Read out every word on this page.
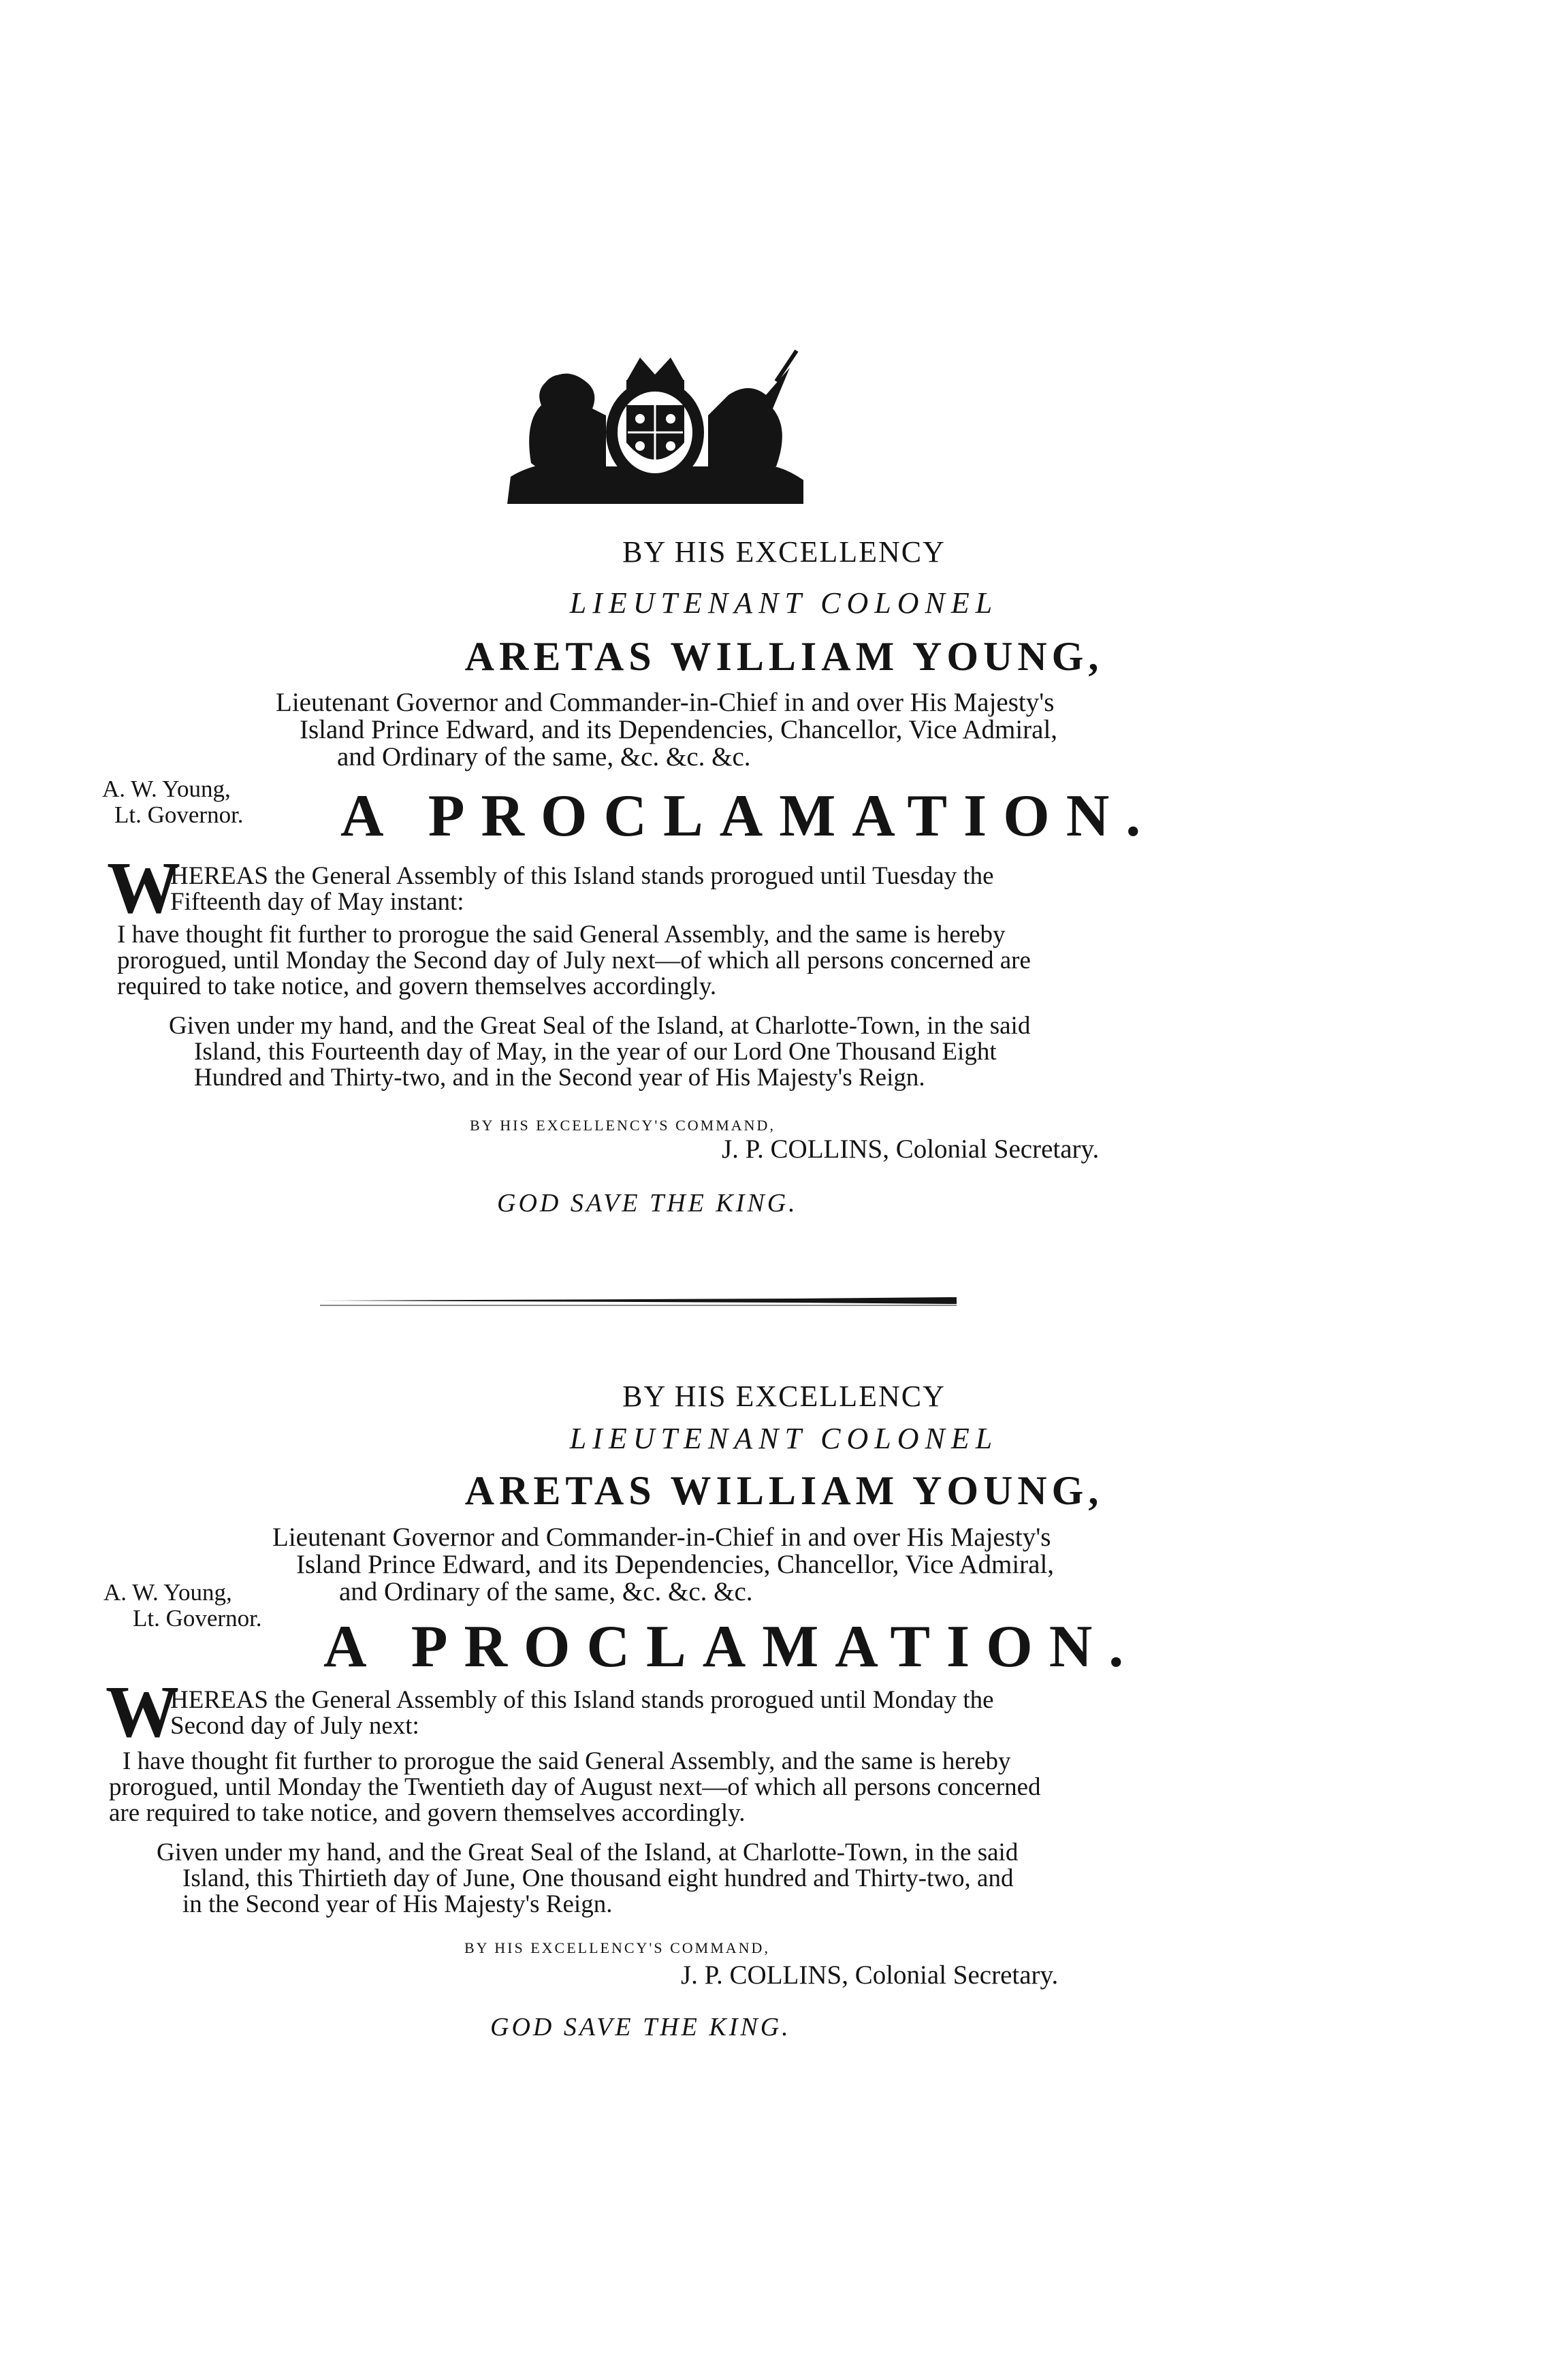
BY HIS EXCELLENCY
LIEUTENANT COLONEL
ARETAS WILLIAM YOUNG,
Lieutenant Governor and Commander-in-Chief in and over His Majesty's
Island Prince Edward, and its Dependencies, Chancellor, Vice Admiral,
and Ordinary of the same, &c. &c. &c.
A. W. Young,
Lt. Governor. A PROCLAMATION.
W
HEREAS the General Assembly of this Island stands prorogued until Tuesday the
Fifteenth day of May instant:
I have thought fit further to prorogue the said General Assembly, and the same is hereby
prorogued, until Monday the Second day of July next—of which all persons concerned are
required to take notice, and govern themselves accordingly.
Given under my hand, and the Great Seal of the Island, at Charlotte-Town, in the said
Island, this Fourteenth day of May, in the year of our Lord One Thousand Eight
Hundred and Thirty-two, and in the Second year of His Majesty's Reign.
BY HIS EXCELLENCY'S COMMAND,
J. P. COLLINS, Colonial Secretary.
GOD SAVE THE KING.
BY HIS EXCELLENCY
LIEUTENANT COLONEL
ARETAS WILLIAM YOUNG,
Lieutenant Governor and Commander-in-Chief in and over His Majesty's
Island Prince Edward, and its Dependencies, Chancellor, Vice Admiral,
and Ordinary of the same, &c. &c. &c.
A. W. Young,
Lt. Governor. A PROCLAMATION.
W
HEREAS the General Assembly of this Island stands prorogued until Monday the
Second day of July next:
I have thought fit further to prorogue the said General Assembly, and the same is hereby
prorogued, until Monday the Twentieth day of August next—of which all persons concerned
are required to take notice, and govern themselves accordingly.
Given under my hand, and the Great Seal of the Island, at Charlotte-Town, in the said
Island, this Thirtieth day of June, One thousand eight hundred and Thirty-two, and
in the Second year of His Majesty's Reign.
BY HIS EXCELLENCY'S COMMAND,
J. P. COLLINS, Colonial Secretary.
GOD SAVE THE KING.
